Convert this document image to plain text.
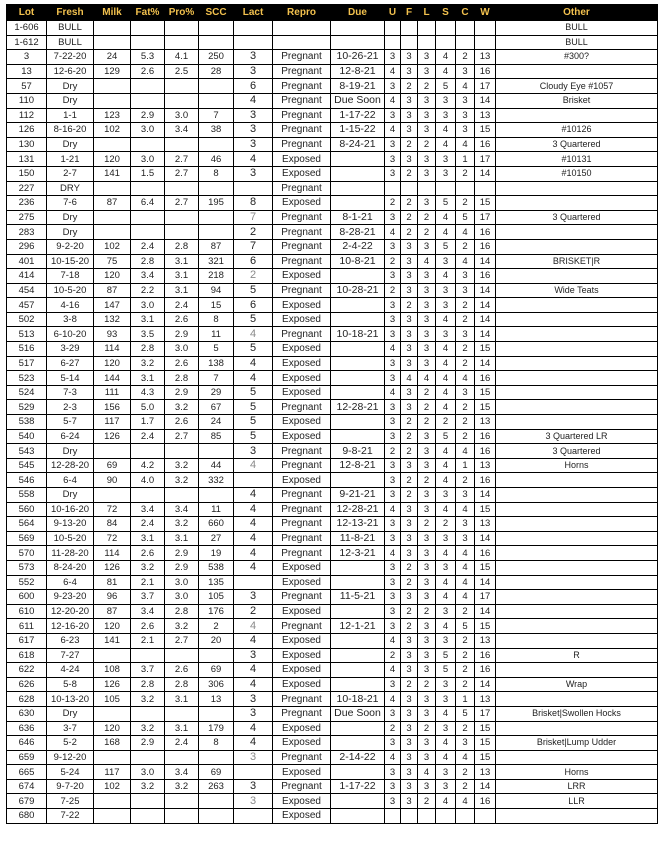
Lot	Fresh	Milk	Fat%	Pro%	SCC	Lact	Repro	Due	U	F	L	S	C	W	Other
1-606	BULL														BULL
1-612	BULL														BULL
3	7-22-20	24	5.3	4.1	250	3	Pregnant	10-26-21	3	3	3	4	2	13	#300?
13	12-6-20	129	2.6	2.5	28	3	Pregnant	12-8-21	4	3	3	4	3	16	
57	Dry					6	Pregnant	8-19-21	3	2	2	5	4	17	Cloudy Eye #1057
110	Dry					4	Pregnant	Due Soon	4	3	3	3	3	14	Brisket
112	1-1	123	2.9	3.0	7	3	Pregnant	1-17-22	3	3	3	3	3	13	
126	8-16-20	102	3.0	3.4	38	3	Pregnant	1-15-22	4	3	3	4	3	15	#10126
130	Dry					3	Pregnant	8-24-21	3	2	2	4	4	16	3 Quartered
131	1-21	120	3.0	2.7	46	4	Exposed		3	3	3	3	1	17	#10131
150	2-7	141	1.5	2.7	8	3	Exposed		3	2	3	3	2	14	#10150
227	DRY						Pregnant								
236	7-6	87	6.4	2.7	195	8	Exposed		2	2	3	5	2	15	
275	Dry					7	Pregnant	8-1-21	3	2	2	4	5	17	3 Quartered
283	Dry					2	Pregnant	8-28-21	4	2	2	4	4	16	
296	9-2-20	102	2.4	2.8	87	7	Pregnant	2-4-22	3	3	3	5	2	16	
401	10-15-20	75	2.8	3.1	321	6	Pregnant	10-8-21	2	3	4	3	4	14	BRISKET|R
414	7-18	120	3.4	3.1	218	2	Exposed		3	3	3	4	3	16	
454	10-5-20	87	2.2	3.1	94	5	Pregnant	10-28-21	2	3	3	3	3	14	Wide Teats
457	4-16	147	3.0	2.4	15	6	Exposed		3	2	3	3	2	14	
502	3-8	132	3.1	2.6	8	5	Exposed		3	3	3	4	2	14	
513	6-10-20	93	3.5	2.9	11	4	Pregnant	10-18-21	3	3	3	3	3	14	
516	3-29	114	2.8	3.0	5	5	Exposed		4	3	3	4	2	15	
517	6-27	120	3.2	2.6	138	4	Exposed		3	3	3	4	2	14	
523	5-14	144	3.1	2.8	7	4	Exposed		3	4	4	4	4	16	
524	7-3	111	4.3	2.9	29	5	Exposed		4	3	2	4	3	15	
529	2-3	156	5.0	3.2	67	5	Pregnant	12-28-21	3	3	2	4	2	15	
538	5-7	117	1.7	2.6	24	5	Exposed		3	2	2	2	2	13	
540	6-24	126	2.4	2.7	85	5	Exposed		3	2	3	5	2	16	3 Quartered LR
543	Dry					3	Pregnant	9-8-21	2	2	3	4	4	16	3 Quartered
545	12-28-20	69	4.2	3.2	44	4	Pregnant	12-8-21	3	3	3	4	1	13	Horns
546	6-4	90	4.0	3.2	332		Exposed		3	2	2	4	2	16	
558	Dry					4	Pregnant	9-21-21	3	2	3	3	3	14	
560	10-16-20	72	3.4	3.4	11	4	Pregnant	12-28-21	4	3	3	4	4	15	
564	9-13-20	84	2.4	3.2	660	4	Pregnant	12-13-21	3	3	2	2	3	13	
569	10-5-20	72	3.1	3.1	27	4	Pregnant	11-8-21	3	3	3	3	3	14	
570	11-28-20	114	2.6	2.9	19	4	Pregnant	12-3-21	4	3	3	4	4	16	
573	8-24-20	126	3.2	2.9	538	4	Exposed		3	2	3	3	4	15	
552	6-4	81	2.1	3.0	135		Exposed		3	2	3	4	4	14	
600	9-23-20	96	3.7	3.0	105	3	Pregnant	11-5-21	3	3	3	4	4	17	
610	12-20-20	87	3.4	2.8	176	2	Exposed		3	2	2	3	2	14	
611	12-16-20	120	2.6	3.2	2	4	Pregnant	12-1-21	3	2	3	4	5	15	
617	6-23	141	2.1	2.7	20	4	Exposed		4	3	3	3	2	13	
618	7-27					3	Exposed		2	3	3	5	2	16	R
622	4-24	108	3.7	2.6	69	4	Exposed		4	3	3	5	2	16	
626	5-8	126	2.8	2.8	306	4	Exposed		3	2	2	3	2	14	Wrap
628	10-13-20	105	3.2	3.1	13	3	Pregnant	10-18-21	4	3	3	3	1	13	
630	Dry					3	Pregnant	Due Soon	3	3	3	4	5	17	Brisket|Swollen Hocks
636	3-7	120	3.2	3.1	179	4	Exposed		2	3	2	3	2	15	
646	5-2	168	2.9	2.4	8	4	Exposed		3	3	3	4	3	15	Brisket|Lump Udder
659	9-12-20					3	Pregnant	2-14-22	4	3	3	4	4	15	
665	5-24	117	3.0	3.4	69		Exposed		3	3	4	3	2	13	Horns
674	9-7-20	102	3.2	3.2	263	3	Pregnant	1-17-22	3	3	3	3	2	14	LRR
679	7-25					3	Exposed		3	3	2	4	4	16	LLR
680	7-22						Exposed								
